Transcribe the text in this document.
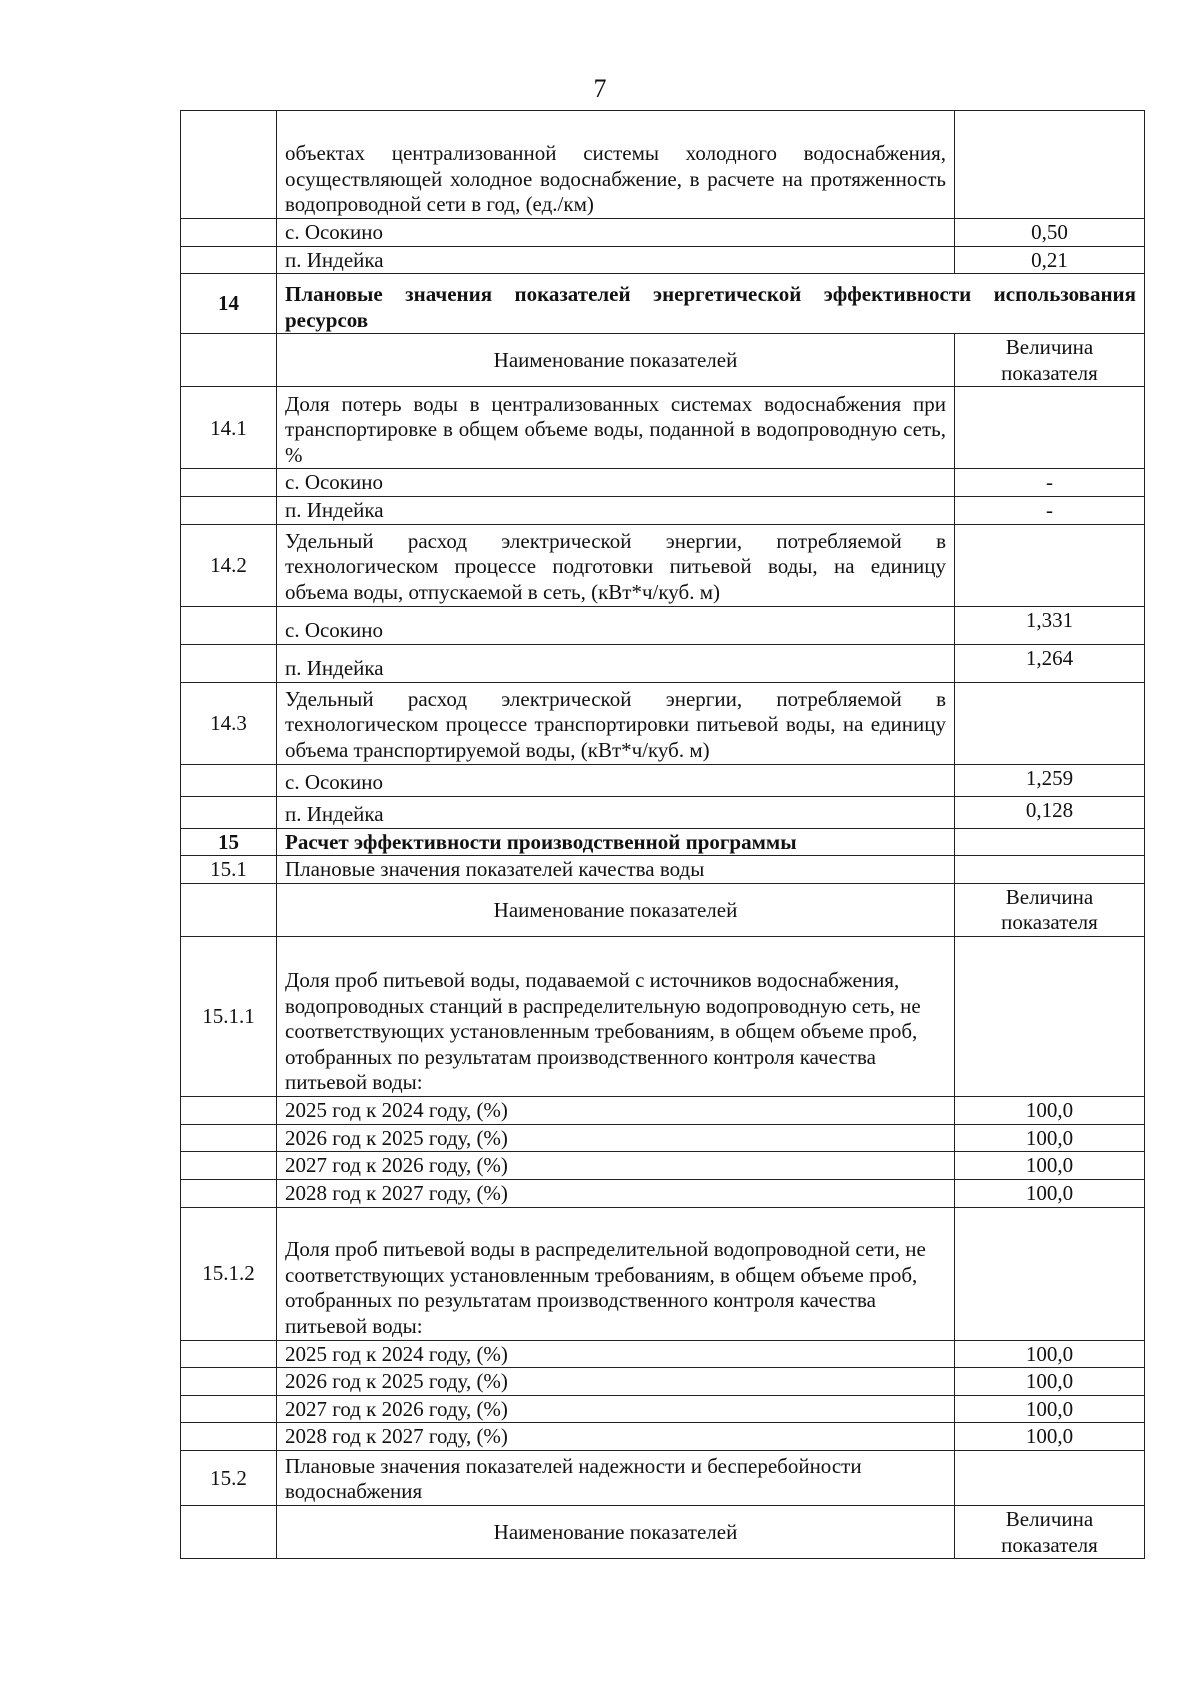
7
	объектах централизованной системы холодного водоснабжения, осуществляющей холодное водоснабжение, в расчете на протяженность водопроводной сети в год, (ед./км)	
	с. Осокино	0,50
	п. Индейка	0,21
14	Плановые значения показателей энергетической эффективности использования ресурсов	
	Наименование показателей	Величина показателя
14.1	Доля потерь воды в централизованных системах водоснабжения при транспортировке в общем объеме воды, поданной в водопроводную сеть, %	
	с. Осокино	-
	п. Индейка	-
14.2	Удельный расход электрической энергии, потребляемой в технологическом процессе подготовки питьевой воды, на единицу объема воды, отпускаемой в сеть, (кВт*ч/куб. м)	
	с. Осокино	1,331
	п. Индейка	1,264
14.3	Удельный расход электрической энергии, потребляемой в технологическом процессе транспортировки питьевой воды, на единицу объема транспортируемой воды, (кВт*ч/куб. м)	
	с. Осокино	1,259
	п. Индейка	0,128
15	Расчет эффективности производственной программы	
15.1	Плановые значения показателей качества воды	
	Наименование показателей	Величина показателя
15.1.1	Доля проб питьевой воды, подаваемой с источников водоснабжения, водопроводных станций в распределительную водопроводную сеть, не соответствующих установленным требованиям, в общем объеме проб, отобранных по результатам производственного контроля качества питьевой воды:	
	2025 год к 2024 году, (%)	100,0
	2026 год к 2025 году, (%)	100,0
	2027 год к 2026 году, (%)	100,0
	2028 год к 2027 году, (%)	100,0
15.1.2	Доля проб питьевой воды в распределительной водопроводной сети, не соответствующих установленным требованиям, в общем объеме проб, отобранных по результатам производственного контроля качества питьевой воды:	
	2025 год к 2024 году, (%)	100,0
	2026 год к 2025 году, (%)	100,0
	2027 год к 2026 году, (%)	100,0
	2028 год к 2027 году, (%)	100,0
15.2	Плановые значения показателей надежности и бесперебойности водоснабжения	
	Наименование показателей	Величина показателя
